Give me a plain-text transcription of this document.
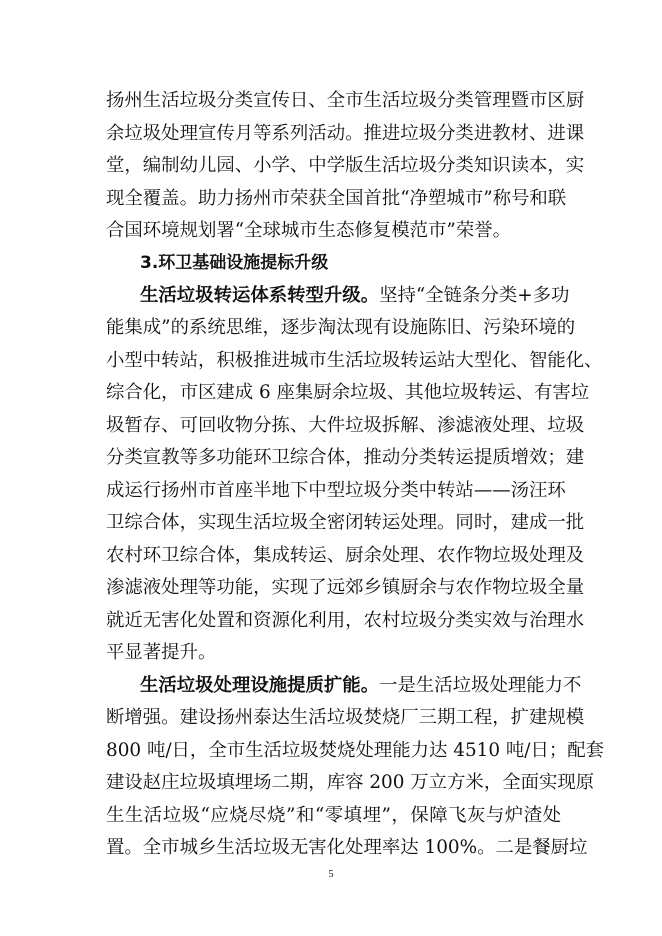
扬州生活垃圾分类宣传日、全市生活垃圾分类管理暨市区厨
余垃圾处理宣传月等系列活动。推进垃圾分类进教材、进课
堂，编制幼儿园、小学、中学版生活垃圾分类知识读本，实
现全覆盖。助力扬州市荣获全国首批“净塑城市”称号和联
合国环境规划署“全球城市生态修复模范市”荣誉。
3.环卫基础设施提标升级
生活垃圾转运体系转型升级。坚持“全链条分类+多功
能集成”的系统思维，逐步淘汰现有设施陈旧、污染环境的
小型中转站，积极推进城市生活垃圾转运站大型化、智能化、
综合化，市区建成 6 座集厨余垃圾、其他垃圾转运、有害垃
圾暂存、可回收物分拣、大件垃圾拆解、渗滤液处理、垃圾
分类宣教等多功能环卫综合体，推动分类转运提质增效；建
成运行扬州市首座半地下中型垃圾分类中转站——汤汪环
卫综合体，实现生活垃圾全密闭转运处理。同时，建成一批
农村环卫综合体，集成转运、厨余处理、农作物垃圾处理及
渗滤液处理等功能，实现了远郊乡镇厨余与农作物垃圾全量
就近无害化处置和资源化利用，农村垃圾分类实效与治理水
平显著提升。
生活垃圾处理设施提质扩能。一是生活垃圾处理能力不
断增强。建设扬州泰达生活垃圾焚烧厂三期工程，扩建规模
800 吨/日，全市生活垃圾焚烧处理能力达 4510 吨/日；配套
建设赵庄垃圾填埋场二期，库容 200 万立方米，全面实现原
生生活垃圾“应烧尽烧”和“零填埋”，保障飞灰与炉渣处
置。全市城乡生活垃圾无害化处理率达 100%。二是餐厨垃
5
